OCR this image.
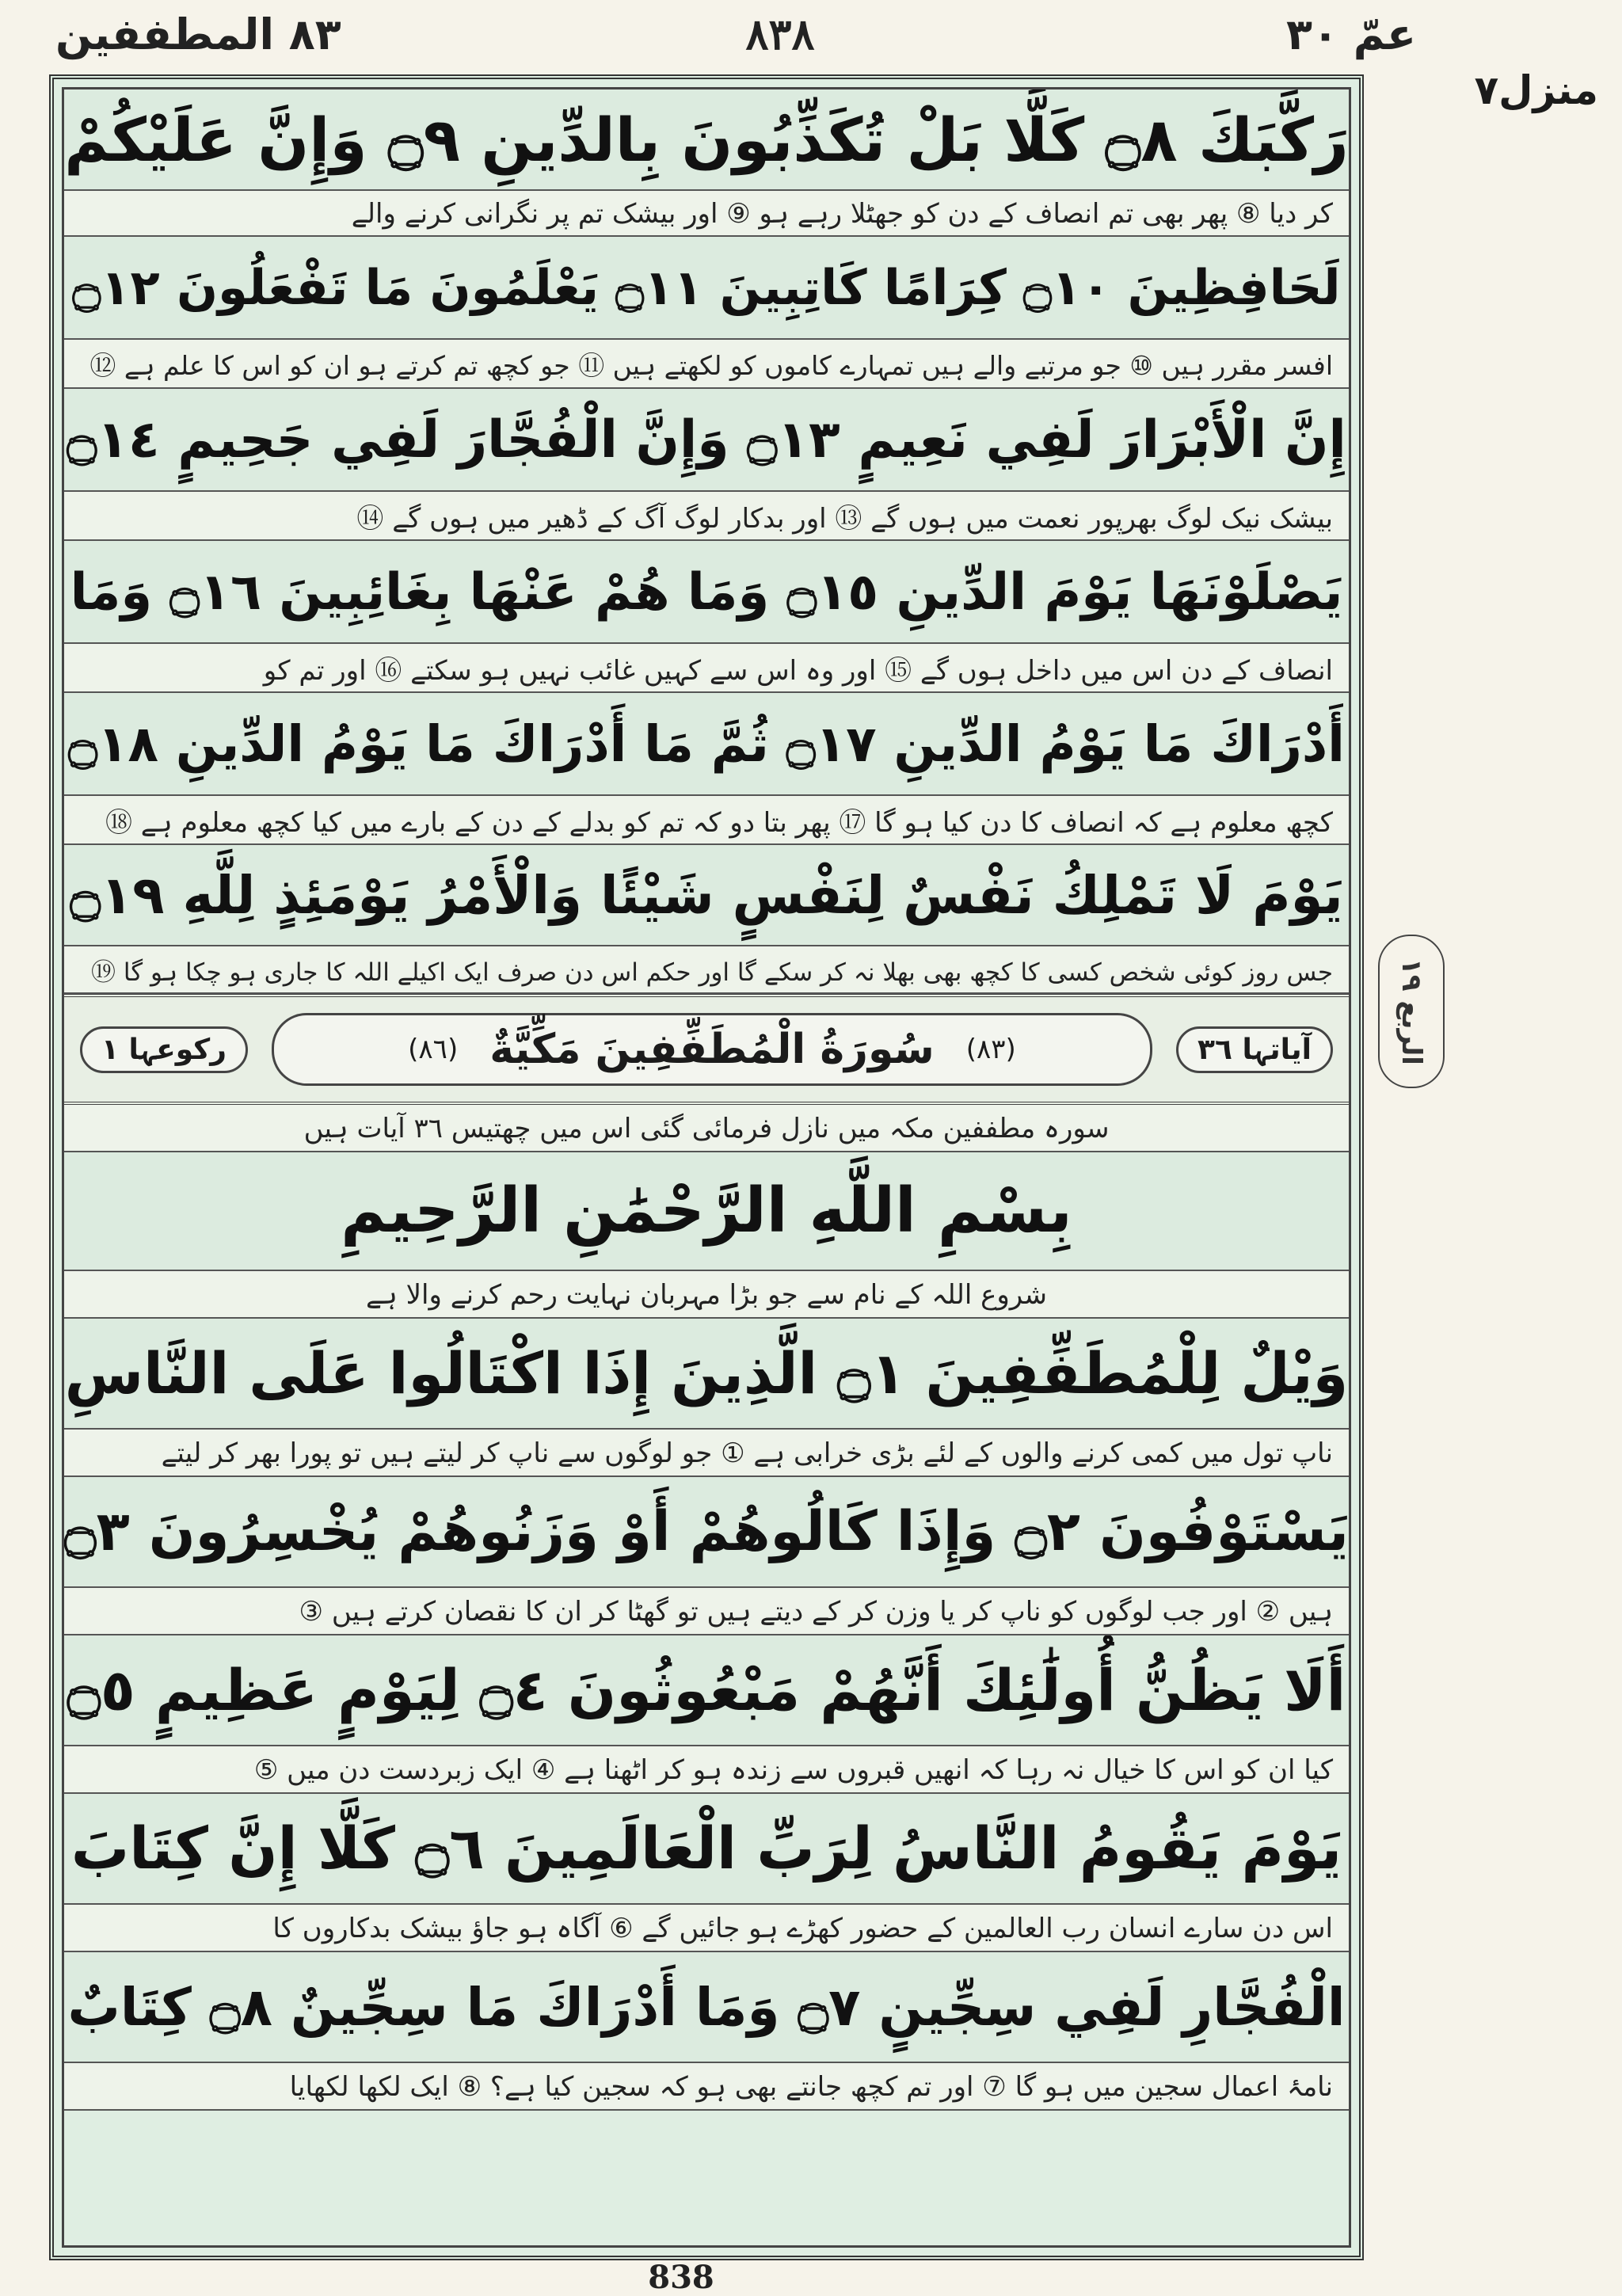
٨٣ المطففين	٨٣٨	عمّ ٣٠
منزل٧
الربع ١٩
رَكَّبَكَ ۝٨ كَلَّا بَلْ تُكَذِّبُونَ بِالدِّينِ ۝٩ وَإِنَّ عَلَيْكُمْ
کر دیا ⑧ پھر بھی تم انصاف کے دن کو جھٹلا رہے ہو ⑨ اور بیشک تم پر نگرانی کرنے والے
لَحَافِظِينَ ۝١٠ كِرَامًا كَاتِبِينَ ۝١١ يَعْلَمُونَ مَا تَفْعَلُونَ ۝١٢
افسر مقرر ہیں ⑩ جو مرتبے والے ہیں تمہارے کاموں کو لکھتے ہیں ⑪ جو کچھ تم کرتے ہو ان کو اس کا علم ہے ⑫
إِنَّ الْأَبْرَارَ لَفِي نَعِيمٍ ۝١٣ وَإِنَّ الْفُجَّارَ لَفِي جَحِيمٍ ۝١٤
بیشک نیک لوگ بھرپور نعمت میں ہوں گے ⑬ اور بدکار لوگ آگ کے ڈھیر میں ہوں گے ⑭
يَصْلَوْنَهَا يَوْمَ الدِّينِ ۝١٥ وَمَا هُمْ عَنْهَا بِغَائِبِينَ ۝١٦ وَمَا
انصاف کے دن اس میں داخل ہوں گے ⑮ اور وہ اس سے کہیں غائب نہیں ہو سکتے ⑯ اور تم کو
أَدْرَاكَ مَا يَوْمُ الدِّينِ ۝١٧ ثُمَّ مَا أَدْرَاكَ مَا يَوْمُ الدِّينِ ۝١٨
کچھ معلوم ہے کہ انصاف کا دن کیا ہو گا ⑰ پھر بتا دو کہ تم کو بدلے کے دن کے بارے میں کیا کچھ معلوم ہے ⑱
يَوْمَ لَا تَمْلِكُ نَفْسٌ لِنَفْسٍ شَيْئًا وَالْأَمْرُ يَوْمَئِذٍ لِلَّهِ ۝١٩
جس روز کوئی شخص کسی کا کچھ بھی بھلا نہ کر سکے گا اور حکم اس دن صرف ایک اکیلے اللہ کا جاری ہو چکا ہو گا ⑲
آیاتہا ٣٦
(٨٣)
سُورَةُ الْمُطَفِّفِينَ مَكِّيَّةٌ
(٨٦)
رکوعہا ١
سورہ مطففین مکہ میں نازل فرمائی گئی اس میں چھتیس ٣٦ آیات ہیں
بِسْمِ اللَّهِ الرَّحْمَٰنِ الرَّحِيمِ
شروع اللہ کے نام سے جو بڑا مہربان نہایت رحم کرنے والا ہے
وَيْلٌ لِلْمُطَفِّفِينَ ۝١ الَّذِينَ إِذَا اكْتَالُوا عَلَى النَّاسِ
ناپ تول میں کمی کرنے والوں کے لئے بڑی خرابی ہے ① جو لوگوں سے ناپ کر لیتے ہیں تو پورا بھر کر لیتے
يَسْتَوْفُونَ ۝٢ وَإِذَا كَالُوهُمْ أَوْ وَزَنُوهُمْ يُخْسِرُونَ ۝٣
ہیں ② اور جب لوگوں کو ناپ کر یا وزن کر کے دیتے ہیں تو گھٹا کر ان کا نقصان کرتے ہیں ③
أَلَا يَظُنُّ أُولَٰئِكَ أَنَّهُمْ مَبْعُوثُونَ ۝٤ لِيَوْمٍ عَظِيمٍ ۝٥
کیا ان کو اس کا خیال نہ رہا کہ انھیں قبروں سے زندہ ہو کر اٹھنا ہے ④ ایک زبردست دن میں ⑤
يَوْمَ يَقُومُ النَّاسُ لِرَبِّ الْعَالَمِينَ ۝٦ كَلَّا إِنَّ كِتَابَ
اس دن سارے انسان رب العالمین کے حضور کھڑے ہو جائیں گے ⑥ آگاہ ہو جاؤ بیشک بدکاروں کا
الْفُجَّارِ لَفِي سِجِّينٍ ۝٧ وَمَا أَدْرَاكَ مَا سِجِّينٌ ۝٨ كِتَابٌ
نامۂ اعمال سجین میں ہو گا ⑦ اور تم کچھ جانتے بھی ہو کہ سجین کیا ہے؟ ⑧ ایک لکھا لکھایا
838
